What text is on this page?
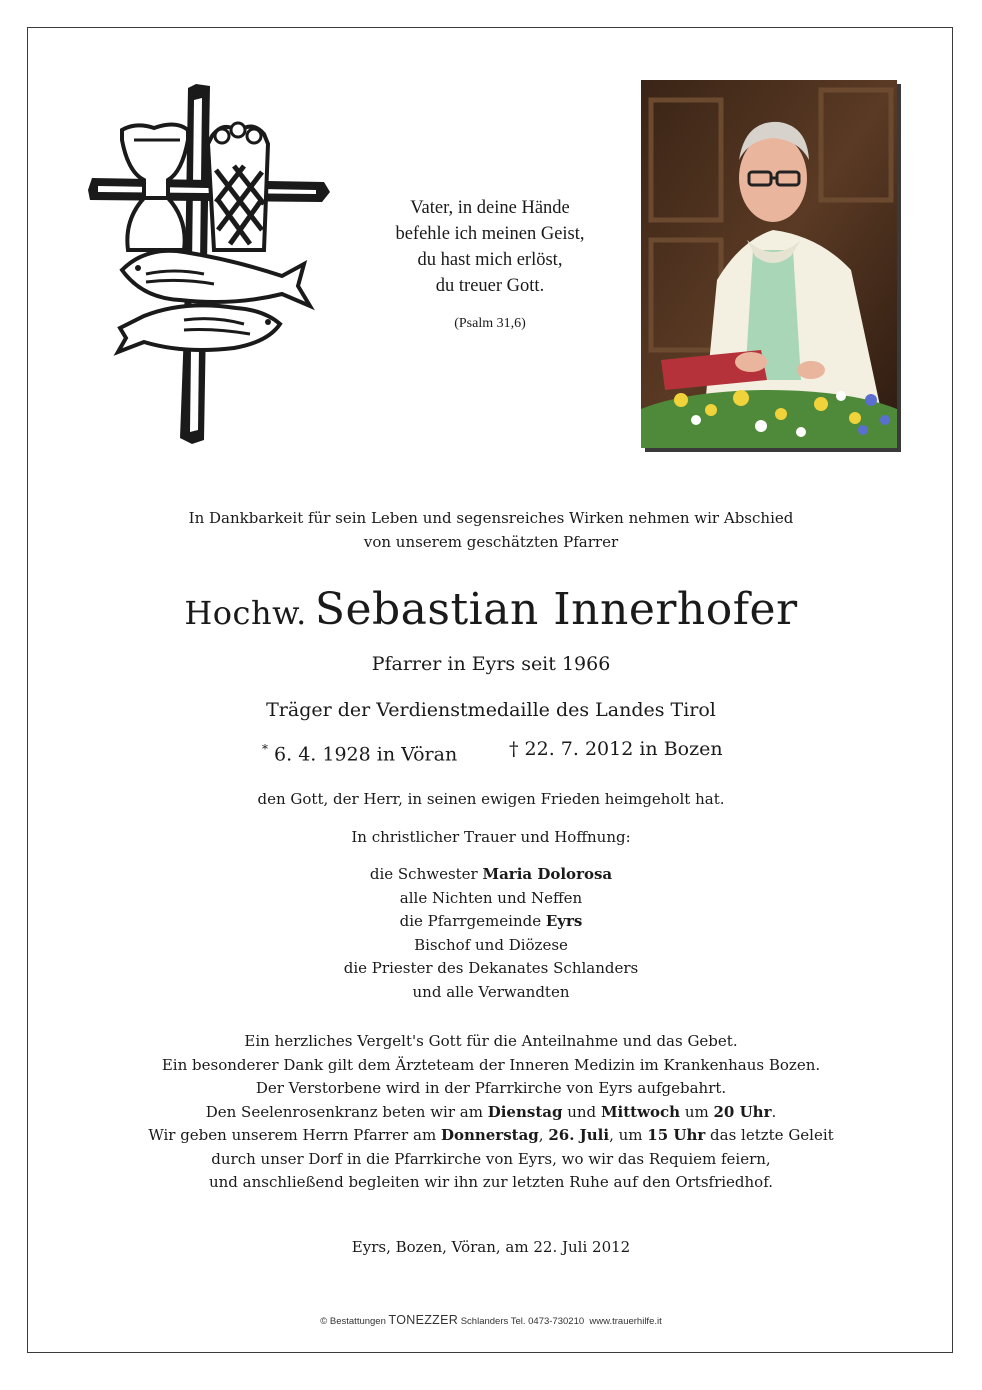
Vater, in deine Hände
befehle ich meinen Geist,
du hast mich erlöst,
du treuer Gott.
(Psalm 31,6)
In Dankbarkeit für sein Leben und segensreiches Wirken nehmen wir Abschied
von unserem geschätzten Pfarrer
Hochw. Sebastian Innerhofer
Pfarrer in Eyrs seit 1966
Träger der Verdienstmedaille des Landes Tirol
* 6. 4. 1928 in Vöran	† 22. 7. 2012 in Bozen
den Gott, der Herr, in seinen ewigen Frieden heimgeholt hat.
In christlicher Trauer und Hoffnung:
die Schwester Maria Dolorosa
alle Nichten und Neffen
die Pfarrgemeinde Eyrs
Bischof und Diözese
die Priester des Dekanates Schlanders
und alle Verwandten
Ein herzliches Vergelt's Gott für die Anteilnahme und das Gebet.
Ein besonderer Dank gilt dem Ärzteteam der Inneren Medizin im Krankenhaus Bozen.
Der Verstorbene wird in der Pfarrkirche von Eyrs aufgebahrt.
Den Seelenrosenkranz beten wir am Dienstag und Mittwoch um 20 Uhr.
Wir geben unserem Herrn Pfarrer am Donnerstag, 26. Juli, um 15 Uhr das letzte Geleit
durch unser Dorf in die Pfarrkirche von Eyrs, wo wir das Requiem feiern,
und anschließend begleiten wir ihn zur letzten Ruhe auf den Ortsfriedhof.
Eyrs, Bozen, Vöran, am 22. Juli 2012
© Bestattungen TONEZZER Schlanders Tel. 0473-730210  www.trauerhilfe.it
